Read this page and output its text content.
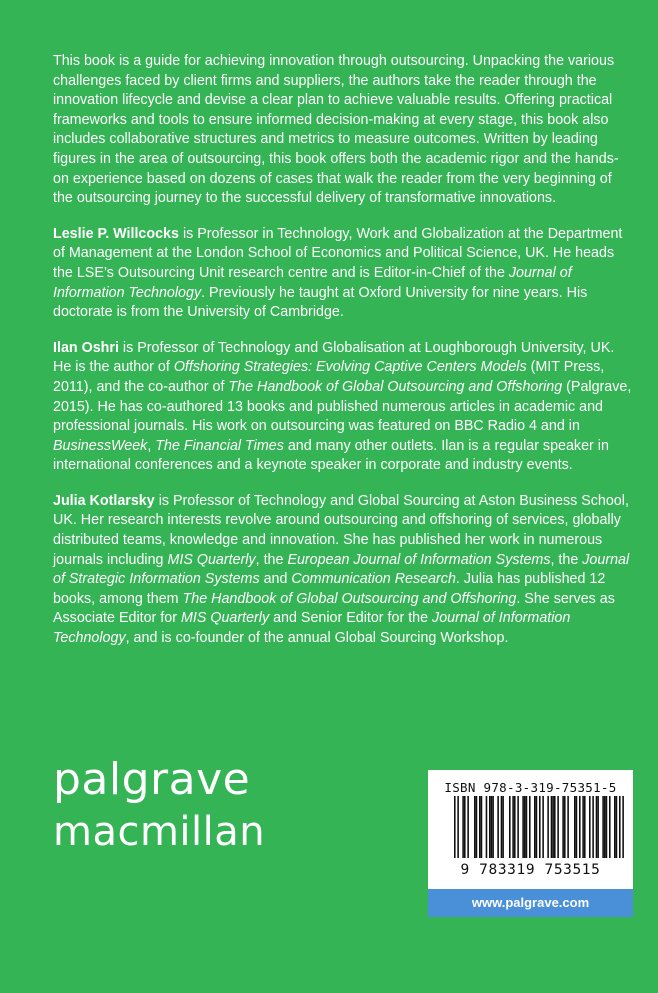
This book is a guide for achieving innovation through outsourcing. Unpacking the various challenges faced by client firms and suppliers, the authors take the reader through the innovation lifecycle and devise a clear plan to achieve valuable results. Offering practical frameworks and tools to ensure informed decision-making at every stage, this book also includes collaborative structures and metrics to measure outcomes. Written by leading figures in the area of outsourcing, this book offers both the academic rigor and the hands-on experience based on dozens of cases that walk the reader from the very beginning of the outsourcing journey to the successful delivery of transformative innovations.

Leslie P. Willcocks is Professor in Technology, Work and Globalization at the Department of Management at the London School of Economics and Political Science, UK. He heads the LSE’s Outsourcing Unit research centre and is Editor-in-Chief of the Journal of Information Technology. Previously he taught at Oxford University for nine years. His doctorate is from the University of Cambridge.

Ilan Oshri is Professor of Technology and Globalisation at Loughborough University, UK. He is the author of Offshoring Strategies: Evolving Captive Centers Models (MIT Press, 2011), and the co-author of The Handbook of Global Outsourcing and Offshoring (Palgrave, 2015). He has co-authored 13 books and published numerous articles in academic and professional journals. His work on outsourcing was featured on BBC Radio 4 and in BusinessWeek, The Financial Times and many other outlets. Ilan is a regular speaker in international conferences and a keynote speaker in corporate and industry events.

Julia Kotlarsky is Professor of Technology and Global Sourcing at Aston Business School, UK. Her research interests revolve around outsourcing and offshoring of services, globally distributed teams, knowledge and innovation. She has published her work in numerous journals including MIS Quarterly, the European Journal of Information Systems, the Journal of Strategic Information Systems and Communication Research. Julia has published 12 books, among them The Handbook of Global Outsourcing and Offshoring. She serves as Associate Editor for MIS Quarterly and Senior Editor for the Journal of Information Technology, and is co-founder of the annual Global Sourcing Workshop.

palgrave
macmillan
ISBN 978-3-319-75351-5
9 783319 753515
www.palgrave.com
